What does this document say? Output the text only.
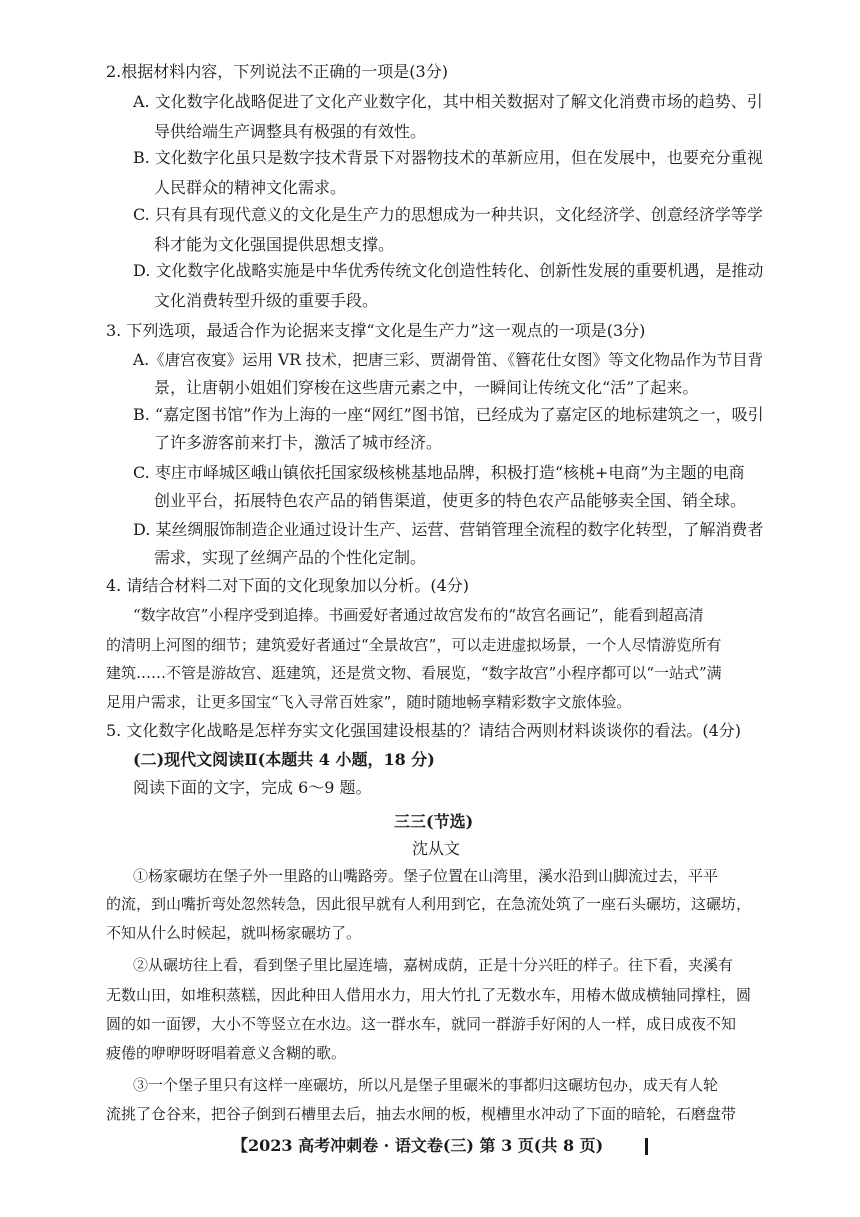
2.根据材料内容，下列说法不正确的一项是(3分)
A. 文化数字化战略促进了文化产业数字化，其中相关数据对了解文化消费市场的趋势、引
导供给端生产调整具有极强的有效性。
B. 文化数字化虽只是数字技术背景下对器物技术的革新应用，但在发展中，也要充分重视
人民群众的精神文化需求。
C. 只有具有现代意义的文化是生产力的思想成为一种共识，文化经济学、创意经济学等学
科才能为文化强国提供思想支撑。
D. 文化数字化战略实施是中华优秀传统文化创造性转化、创新性发展的重要机遇，是推动
文化消费转型升级的重要手段。
3. 下列选项，最适合作为论据来支撑“文化是生产力”这一观点的一项是(3分)
A.《唐宫夜宴》运用 VR 技术，把唐三彩、贾湖骨笛、《簪花仕女图》等文化物品作为节目背
景，让唐朝小姐姐们穿梭在这些唐元素之中，一瞬间让传统文化“活”了起来。
B. “嘉定图书馆”作为上海的一座“网红”图书馆，已经成为了嘉定区的地标建筑之一，吸引
了许多游客前来打卡，激活了城市经济。
C. 枣庄市峄城区峨山镇依托国家级核桃基地品牌，积极打造“核桃+电商”为主题的电商
创业平台，拓展特色农产品的销售渠道，使更多的特色农产品能够卖全国、销全球。
D. 某丝绸服饰制造企业通过设计生产、运营、营销管理全流程的数字化转型，了解消费者
需求，实现了丝绸产品的个性化定制。
4. 请结合材料二对下面的文化现象加以分析。(4分)
“数字故宫”小程序受到追捧。书画爱好者通过故宫发布的“故宫名画记”，能看到超高清
的清明上河图的细节；建筑爱好者通过“全景故宫”，可以走进虚拟场景，一个人尽情游览所有
建筑……不管是游故宫、逛建筑，还是赏文物、看展览，“数字故宫”小程序都可以“一站式”满
足用户需求，让更多国宝“飞入寻常百姓家”，随时随地畅享精彩数字文旅体验。
5. 文化数字化战略是怎样夯实文化强国建设根基的？请结合两则材料谈谈你的看法。(4分)
(二)现代文阅读Ⅱ(本题共 4 小题，18 分)
阅读下面的文字，完成 6～9 题。
三三(节选)
沈从文
①杨家碾坊在堡子外一里路的山嘴路旁。堡子位置在山湾里，溪水沿到山脚流过去，平平
的流，到山嘴折弯处忽然转急，因此很早就有人利用到它，在急流处筑了一座石头碾坊，这碾坊，
不知从什么时候起，就叫杨家碾坊了。
②从碾坊往上看，看到堡子里比屋连墙，嘉树成荫，正是十分兴旺的样子。往下看，夹溪有
无数山田，如堆积蒸糕，因此种田人借用水力，用大竹扎了无数水车，用椿木做成横轴同撑柱，圆
圆的如一面锣，大小不等竖立在水边。这一群水车，就同一群游手好闲的人一样，成日成夜不知
疲倦的咿咿呀呀唱着意义含糊的歌。
③一个堡子里只有这样一座碾坊，所以凡是堡子里碾米的事都归这碾坊包办，成天有人轮
流挑了仓谷来，把谷子倒到石槽里去后，抽去水闸的板，枧槽里水冲动了下面的暗轮，石磨盘带
【2023 高考冲刺卷 · 语文卷(三) 第 3 页(共 8 页)
